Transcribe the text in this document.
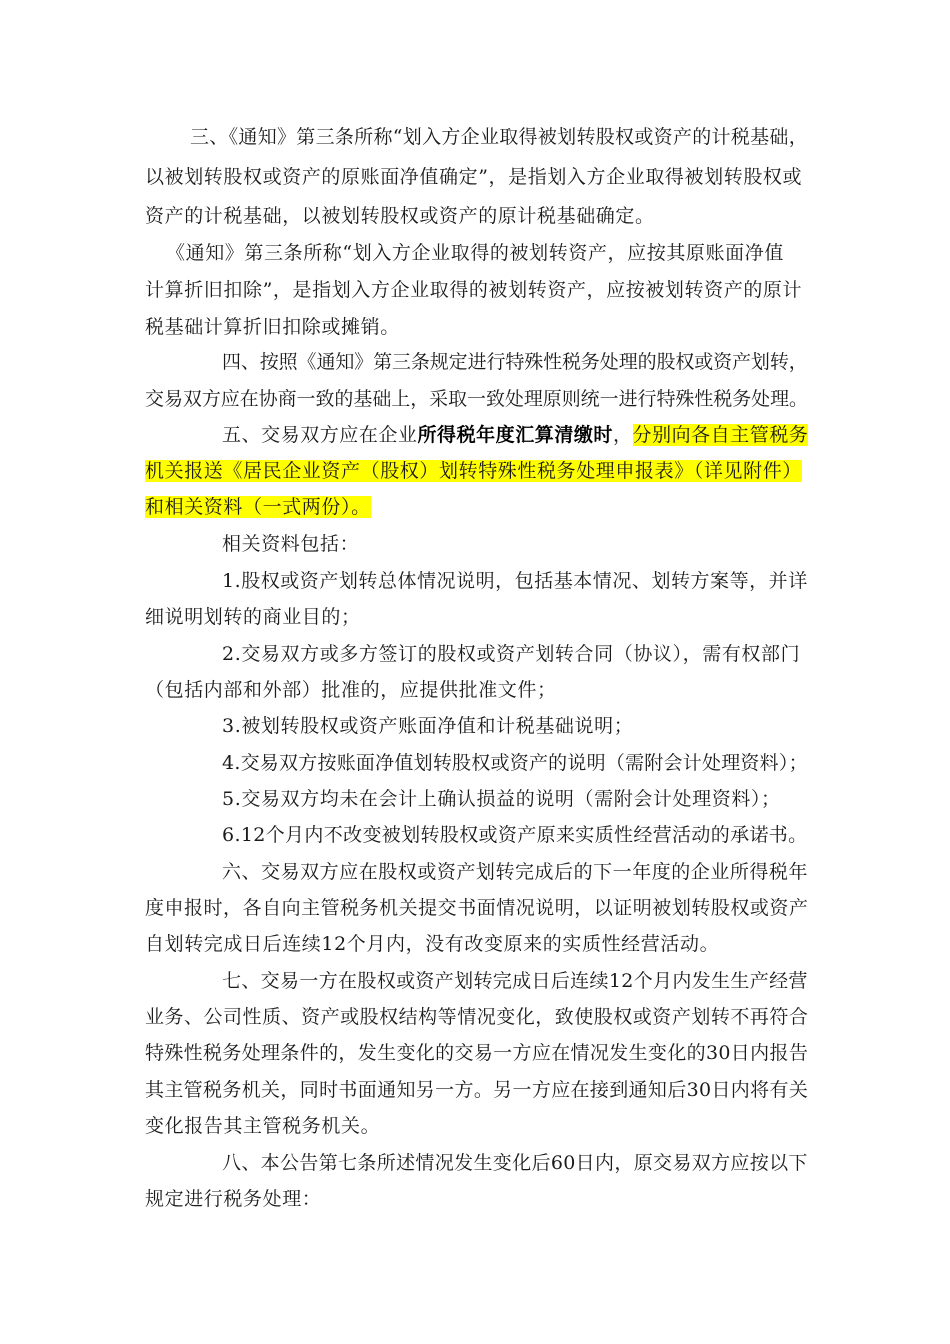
三、《通知》第三条所称“划入方企业取得被划转股权或资产的计税基础，
以被划转股权或资产的原账面净值确定”，是指划入方企业取得被划转股权或
资产的计税基础，以被划转股权或资产的原计税基础确定。
《通知》第三条所称“划入方企业取得的被划转资产，应按其原账面净值
计算折旧扣除”，是指划入方企业取得的被划转资产，应按被划转资产的原计
税基础计算折旧扣除或摊销。
四、按照《通知》第三条规定进行特殊性税务处理的股权或资产划转，
交易双方应在协商一致的基础上，采取一致处理原则统一进行特殊性税务处理。
五、交易双方应在企业所得税年度汇算清缴时，分别向各自主管税务
机关报送《居民企业资产（股权）划转特殊性税务处理申报表》（详见附件）
和相关资料（一式两份）。
相关资料包括：
1.股权或资产划转总体情况说明，包括基本情况、划转方案等，并详
细说明划转的商业目的；
2.交易双方或多方签订的股权或资产划转合同（协议），需有权部门
（包括内部和外部）批准的，应提供批准文件；
3.被划转股权或资产账面净值和计税基础说明；
4.交易双方按账面净值划转股权或资产的说明（需附会计处理资料）；
5.交易双方均未在会计上确认损益的说明（需附会计处理资料）；
6.12个月内不改变被划转股权或资产原来实质性经营活动的承诺书。
六、交易双方应在股权或资产划转完成后的下一年度的企业所得税年
度申报时，各自向主管税务机关提交书面情况说明，以证明被划转股权或资产
自划转完成日后连续12个月内，没有改变原来的实质性经营活动。
七、交易一方在股权或资产划转完成日后连续12个月内发生生产经营
业务、公司性质、资产或股权结构等情况变化，致使股权或资产划转不再符合
特殊性税务处理条件的，发生变化的交易一方应在情况发生变化的30日内报告
其主管税务机关，同时书面通知另一方。另一方应在接到通知后30日内将有关
变化报告其主管税务机关。
八、本公告第七条所述情况发生变化后60日内，原交易双方应按以下
规定进行税务处理：
